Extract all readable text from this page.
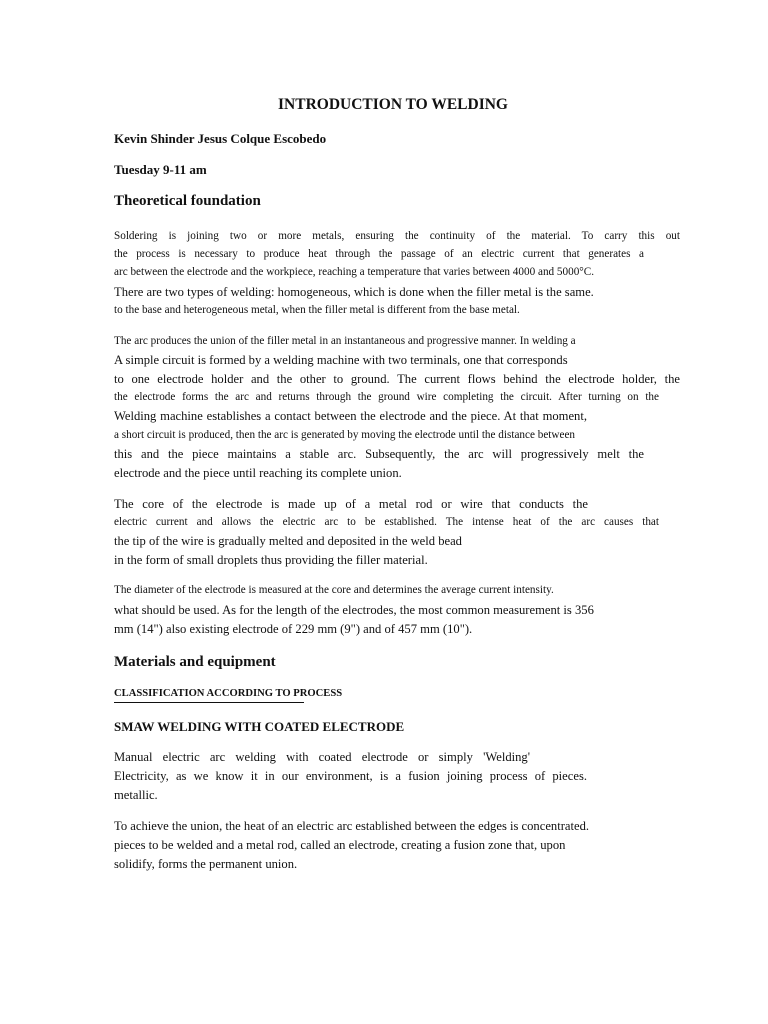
INTRODUCTION TO WELDING

Kevin Shinder Jesus Colque Escobedo

Tuesday 9-11 am

Theoretical foundation

Soldering is joining two or more metals, ensuring the continuity of the material. To carry this out

the process is necessary to produce heat through the passage of an electric current that generates a

arc between the electrode and the workpiece, reaching a temperature that varies between 4000 and 5000°C.

There are two types of welding: homogeneous, which is done when the filler metal is the same.

to the base and heterogeneous metal, when the filler metal is different from the base metal.

The arc produces the union of the filler metal in an instantaneous and progressive manner. In welding a

A simple circuit is formed by a welding machine with two terminals, one that corresponds

to one electrode holder and the other to ground. The current flows behind the electrode holder, the

the electrode forms the arc and returns through the ground wire completing the circuit. After turning on the

Welding machine establishes a contact between the electrode and the piece. At that moment,

a short circuit is produced, then the arc is generated by moving the electrode until the distance between

this and the piece maintains a stable arc. Subsequently, the arc will progressively melt the

electrode and the piece until reaching its complete union.

The core of the electrode is made up of a metal rod or wire that conducts the

electric current and allows the electric arc to be established. The intense heat of the arc causes that

the tip of the wire is gradually melted and deposited in the weld bead

in the form of small droplets thus providing the filler material.

The diameter of the electrode is measured at the core and determines the average current intensity.

what should be used. As for the length of the electrodes, the most common measurement is 356

mm (14") also existing electrode of 229 mm (9") and of 457 mm (10").

Materials and equipment

CLASSIFICATION ACCORDING TO PROCESS

SMAW WELDING WITH COATED ELECTRODE

Manual electric arc welding with coated electrode or simply 'Welding'

Electricity, as we know it in our environment, is a fusion joining process of pieces.

metallic.

To achieve the union, the heat of an electric arc established between the edges is concentrated.

pieces to be welded and a metal rod, called an electrode, creating a fusion zone that, upon

solidify, forms the permanent union.
